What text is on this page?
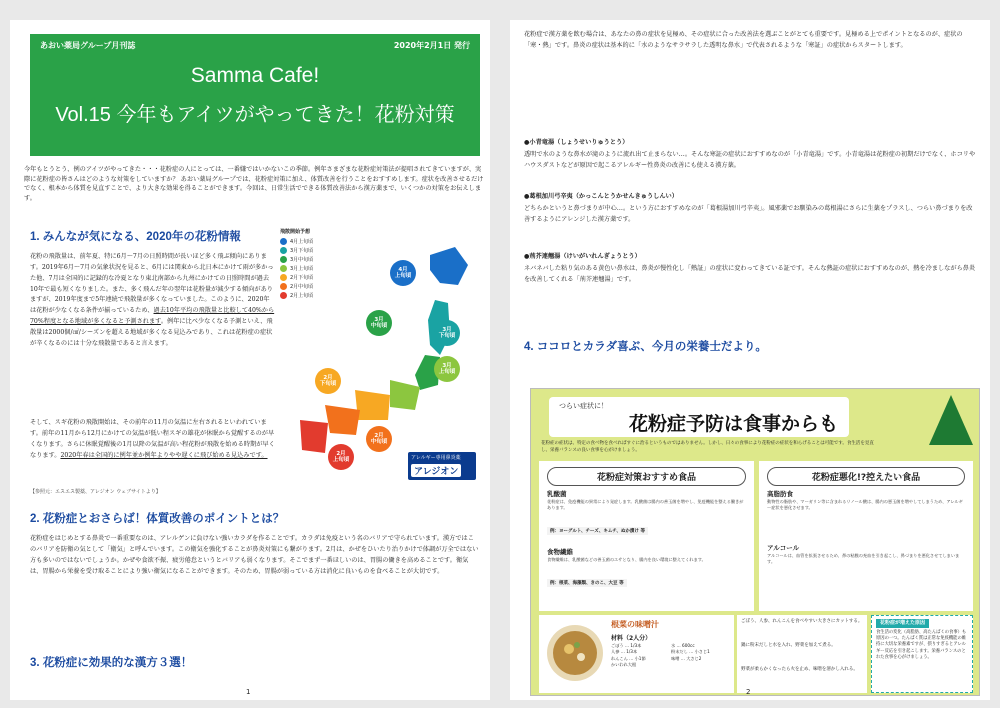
あおい薬局グループ月刊誌	2020年2月1日 発行
Samma Cafe!
Vol.15 今年もアイツがやってきた！花粉対策
今年もとうとう、例のアイツがやってきた・・・花粉症の人にとっては、一番嫌ではいかないこの季節。例年さまざまな花粉症対策法が提唱されてきていますが、実際に花粉症の皆さんはどのような対策をしていますか？ あおい薬局グループでは、花粉症対策に加え、体質改善を行うことをおすすめします。症状を改善させるだけでなく、根本から体質を見直すことで、より大きな効果を得ることができます。今回は、日常生活でできる体質改善法から漢方薬まで、いくつかの対策をお伝えします。
1. みんなが気になる、2020年の花粉情報
花粉の飛散量は、前年夏、特に6月〜7月の日照時間が長いほど多く飛ぶ傾向にあります。2019年6月〜7月の気象状況を見ると、6月には関東から北日本にかけて雨が多かった他、7月は全国的に記録的な冷夏となり東北南部から九州にかけての日照時間が過去10年で最も短くなりました。また、多く飛んだ年の翌年は花粉量が減少する傾向がありますが、2019年度まで5年連続で飛散量が多くなっていました。このように、2020年は花粉が少なくなる条件が揃っているため、過去10年平均の飛散量と比較して40%から70%程度となる地域が多くなると予測されます。例年に比べ少なくなる予測といえ、飛散量は2000個/㎠/シーズンを超える地域が多くなる見込みであり、これは花粉症の症状が辛くなるのには十分な飛散量であると言えます。
そして、スギ花粉の飛散開始は、その前年の11月の気温に左右されるといわれています。前年の11月から12月にかけての気温が低い程スギの雄花が休眠から覚醒するのが早くなります。さらに休眠覚醒後の1月以降の気温が高い程花粉が飛散を始める時期が早くなります。2020年春は全国的に例年並か例年よりやや遅くに飛び始める見込みです。
【参照元：エスエス製薬、アレジオン ウェブサイトより】
飛散開始予想
4月上旬頃
3月下旬頃
3月中旬頃
3月上旬頃
2月下旬頃
2月中旬頃
2月上旬頃
4月
上旬頃
3月
下旬頃
3月
中旬頃
3月
上旬頃
2月
下旬頃
2月
中旬頃
2月
上旬頃	アレルギー専用鼻炎薬
アレジオン
2. 花粉症とおさらば！体質改善のポイントとは？
花粉症をはじめとする鼻炎で一番重要なのは、アレルゲンに負けない強いカラダを作ることです。カラダは免疫という名のバリアで守られています。漢方ではこのバリアを防衛の気として「衛気」と呼んでいます。この衛気を強化することが鼻炎対策にも繋がります。2月は、かぜをひいたり治りかけで体調が万全ではない方も多いのではないでしょうか。かぜや食欲不振、疲労倦怠というとバリアも弱くなります。そこでまず一番ほしいのは、胃腸の働きを高めることです。衛気は、胃腸から栄養を受け取ることにより強い衛気になることができます。そのため、胃腸が弱っている方は消化に良いものを食べることが大切です。
3. 花粉症に効果的な漢方３選！
1
花粉症で漢方薬を飲む場合は、あなたの鼻の症状を見極め、その症状に合った改善法を選ぶことがとても重要です。見極める上でポイントとなるのが、症状の「寒・熱」です。鼻炎の症状は基本的に「水のようなサラサラした透明な鼻水」で代表されるような「寒証」の症状からスタートします。
●小青竜湯（しょうせいりゅうとう）
透明で水のような鼻水が滝のように流れ出て止まらない…。そんな寒証の症状におすすめなのが「小青竜湯」です。小青竜湯は花粉症の初期だけでなく、ホコリやハウスダストなどが原因で起こるアレルギー性鼻炎の改善にも使える漢方薬。
●葛根加川弓辛夷（かっこんとうかせんきゅうしんい）
どちらかというと鼻づまりが中心…。という方におすすめなのが「葛根湯加川弓辛夷」。風邪薬でお馴染みの葛根湯にさらに生薬をプラスし、つらい鼻づまりを改善するようにアレンジした漢方薬です。
●荊芥連翹湯（けいがいれんぎょうとう）
ネバネバした粘り気のある黄色い鼻水は、鼻炎が慢性化し「熱証」の症状に変わってきている証です。そんな熱証の症状におすすめなのが、熱を冷ましながら鼻炎を改善してくれる「荊芥連翹湯」です。
4. ココロとカラダ喜ぶ、今月の栄養士だより。
つらい症状に！
花粉症予防は食事からも
花粉症の症状は、特定の食べ物を食べればすぐに治るというものではありません。しかし、日々の食事により花粉症の症状を和らげることは可能です。食生活を見直し、栄養バランスの良い食事を心がけましょう。
花粉症対策おすすめ食品
乳酸菌
花粉症は、免疫機能の異常により発症します。乳酸菌は腸内の善玉菌を増やし、免疫機能を整える働きがあります。
例：ヨーグルト、チーズ、キムチ、ぬか漬け 等
食物繊維
食物繊維は、乳酸菌などの善玉菌のエサとなり、腸内を良い環境に整えてくれます。
例：根菜、海藻類、きのこ、大豆 等
花粉症悪化!?控えたい食品
高脂肪食
動物性の脂肪や、マーガリン等に含まれるリノール酸は、腸内の悪玉菌を増やしてしまうため、アレルギー症状を悪化させます。
アルコール
アルコールは、血管を拡張させるため、鼻の粘膜の充血を引き起こし、鼻づまりを悪化させてしまいます。
根菜の味噌汁
材料（2人分）
ごぼう … 1/3本
人参 … 1/3本
れんこん … 小1節
かいわれ大根
水 … 600cc
粉末だし … 小さじ1
味噌 … 大さじ2
ごぼう、人参、れんこんを食べやすい大きさにカットする。
鍋に粉末だしと水を入れ、野菜を加えて煮る。
野菜が柔らかくなったら火を止め、味噌を溶かし入れる。
花粉症が増えた原因
食生活の変化（高脂肪、高たんぱくの食事）も原因の一つ。たんぱく質は正常な免疫機能の維持に大切な栄養素ですが、摂りすぎるとアレルギー反応を引き起こします。栄養バランスのとれた食事を心がけましょう。
2
